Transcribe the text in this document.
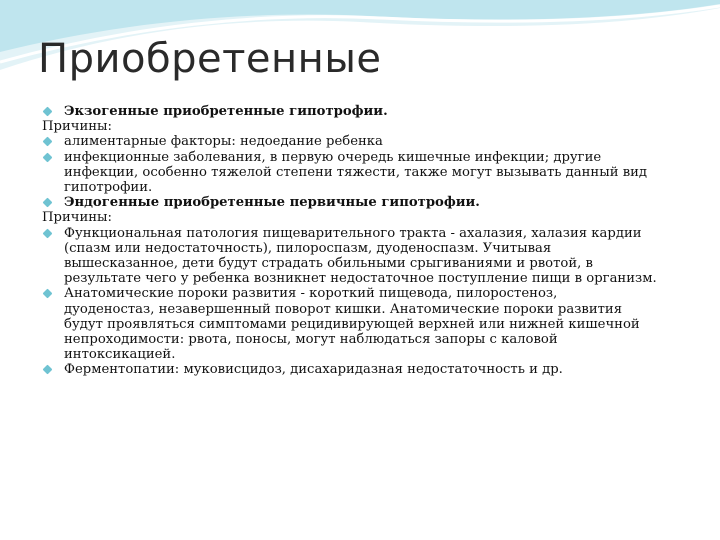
Приобретенные
Экзогенные приобретенные гипотрофии.
Причины:
алиментарные факторы: недоедание ребенка
инфекционные заболевания, в первую очередь кишечные инфекции; другие
инфекции, особенно тяжелой степени тяжести, также могут вызывать данный вид
гипотрофии.
Эндогенные приобретенные первичные гипотрофии.
Причины:
Функциональная патология пищеварительного тракта - ахалазия, халазия кардии
(спазм или недостаточность), пилороспазм, дуоденоспазм. Учитывая
вышесказанное, дети будут страдать обильными срыгиваниями и рвотой, в
результате чего у ребенка возникнет недостаточное поступление пищи в организм.
Анатомические пороки развития - короткий пищевода, пилоростеноз,
дуоденостаз, незавершенный поворот кишки. Анатомические пороки развития
будут проявляться симптомами рецидивирующей верхней или нижней кишечной
непроходимости: рвота, поносы, могут наблюдаться запоры с каловой
интоксикацией.
Ферментопатии: муковисцидоз, дисахаридазная недостаточность и др.
